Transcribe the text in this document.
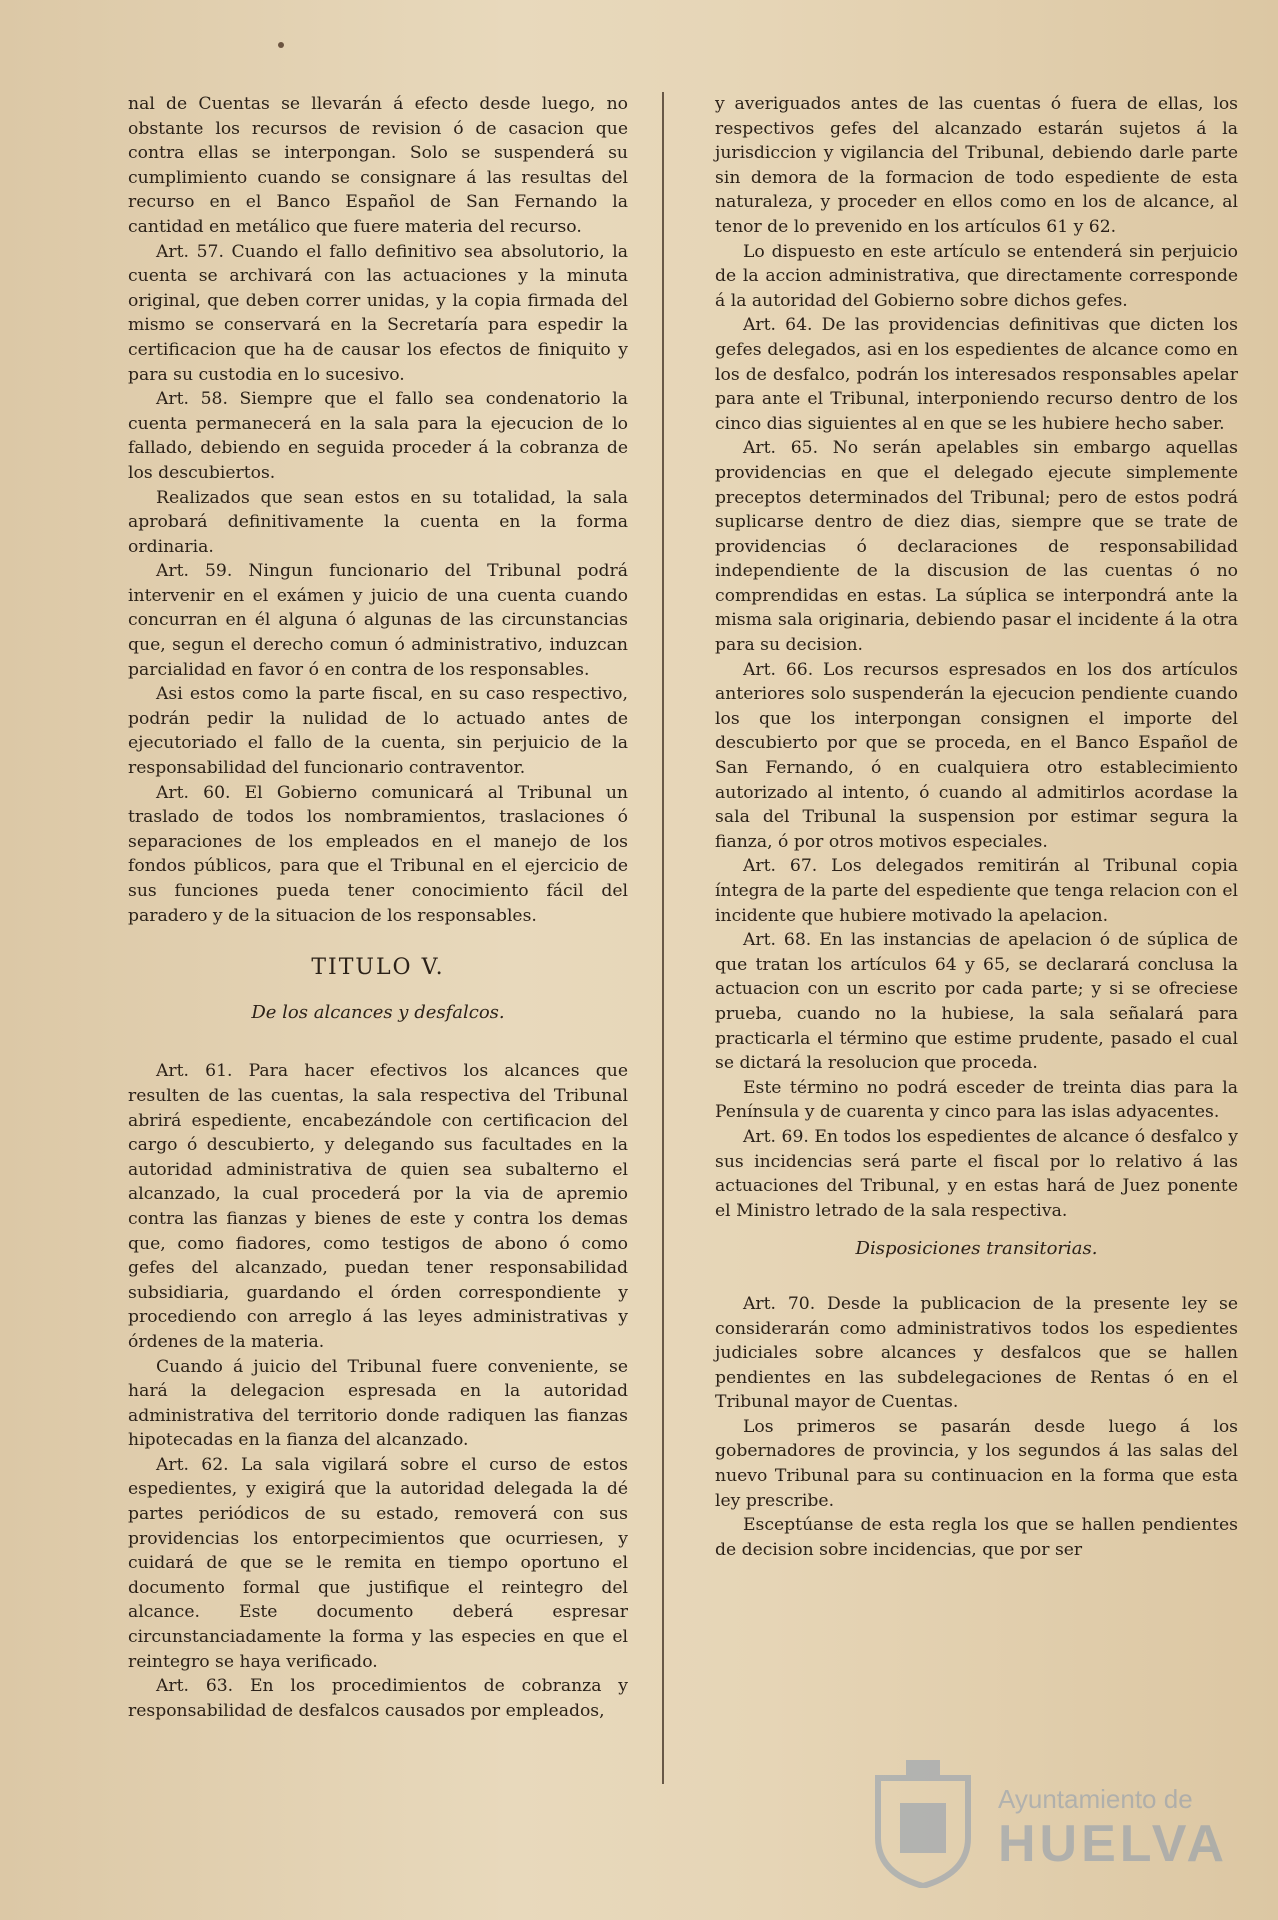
nal de Cuentas se llevarán á efecto desde luego, no obstante los recursos de revision ó de casacion que contra ellas se interpongan. Solo se suspenderá su cumplimiento cuando se consignare á las resultas del recurso en el Banco Español de San Fernando la cantidad en metálico que fuere materia del recurso.

Art. 57. Cuando el fallo definitivo sea absolutorio, la cuenta se archivará con las actuaciones y la minuta original, que deben correr unidas, y la copia firmada del mismo se conservará en la Secretaría para espedir la certificacion que ha de causar los efectos de finiquito y para su custodia en lo sucesivo.

Art. 58. Siempre que el fallo sea condenatorio la cuenta permanecerá en la sala para la ejecucion de lo fallado, debiendo en seguida proceder á la cobranza de los descubiertos.

Realizados que sean estos en su totalidad, la sala aprobará definitivamente la cuenta en la forma ordinaria.

Art. 59. Ningun funcionario del Tribunal podrá intervenir en el exámen y juicio de una cuenta cuando concurran en él alguna ó algunas de las circunstancias que, segun el derecho comun ó administrativo, induzcan parcialidad en favor ó en contra de los responsables.

Asi estos como la parte fiscal, en su caso respectivo, podrán pedir la nulidad de lo actuado antes de ejecutoriado el fallo de la cuenta, sin perjuicio de la responsabilidad del funcionario contraventor.

Art. 60. El Gobierno comunicará al Tribunal un traslado de todos los nombramientos, traslaciones ó separaciones de los empleados en el manejo de los fondos públicos, para que el Tribunal en el ejercicio de sus funciones pueda tener conocimiento fácil del paradero y de la situacion de los responsables.

TITULO V.
De los alcances y desfalcos.

Art. 61. Para hacer efectivos los alcances que resulten de las cuentas, la sala respectiva del Tribunal abrirá espediente, encabezándole con certificacion del cargo ó descubierto, y delegando sus facultades en la autoridad administrativa de quien sea subalterno el alcanzado, la cual procederá por la via de apremio contra las fianzas y bienes de este y contra los demas que, como fiadores, como testigos de abono ó como gefes del alcanzado, puedan tener responsabilidad subsidiaria, guardando el órden correspondiente y procediendo con arreglo á las leyes administrativas y órdenes de la materia.

Cuando á juicio del Tribunal fuere conveniente, se hará la delegacion espresada en la autoridad administrativa del territorio donde radiquen las fianzas hipotecadas en la fianza del alcanzado.

Art. 62. La sala vigilará sobre el curso de estos espedientes, y exigirá que la autoridad delegada la dé partes periódicos de su estado, removerá con sus providencias los entorpecimientos que ocurriesen, y cuidará de que se le remita en tiempo oportuno el documento formal que justifique el reintegro del alcance. Este documento deberá espresar circunstanciadamente la forma y las especies en que el reintegro se haya verificado.

Art. 63. En los procedimientos de cobranza y responsabilidad de desfalcos causados por empleados,

y averiguados antes de las cuentas ó fuera de ellas, los respectivos gefes del alcanzado estarán sujetos á la jurisdiccion y vigilancia del Tribunal, debiendo darle parte sin demora de la formacion de todo espediente de esta naturaleza, y proceder en ellos como en los de alcance, al tenor de lo prevenido en los artículos 61 y 62.

Lo dispuesto en este artículo se entenderá sin perjuicio de la accion administrativa, que directamente corresponde á la autoridad del Gobierno sobre dichos gefes.

Art. 64. De las providencias definitivas que dicten los gefes delegados, asi en los espedientes de alcance como en los de desfalco, podrán los interesados responsables apelar para ante el Tribunal, interponiendo recurso dentro de los cinco dias siguientes al en que se les hubiere hecho saber.

Art. 65. No serán apelables sin embargo aquellas providencias en que el delegado ejecute simplemente preceptos determinados del Tribunal; pero de estos podrá suplicarse dentro de diez dias, siempre que se trate de providencias ó declaraciones de responsabilidad independiente de la discusion de las cuentas ó no comprendidas en estas. La súplica se interpondrá ante la misma sala originaria, debiendo pasar el incidente á la otra para su decision.

Art. 66. Los recursos espresados en los dos artículos anteriores solo suspenderán la ejecucion pendiente cuando los que los interpongan consignen el importe del descubierto por que se proceda, en el Banco Español de San Fernando, ó en cualquiera otro establecimiento autorizado al intento, ó cuando al admitirlos acordase la sala del Tribunal la suspension por estimar segura la fianza, ó por otros motivos especiales.

Art. 67. Los delegados remitirán al Tribunal copia íntegra de la parte del espediente que tenga relacion con el incidente que hubiere motivado la apelacion.

Art. 68. En las instancias de apelacion ó de súplica de que tratan los artículos 64 y 65, se declarará conclusa la actuacion con un escrito por cada parte; y si se ofreciese prueba, cuando no la hubiese, la sala señalará para practicarla el término que estime prudente, pasado el cual se dictará la resolucion que proceda.

Este término no podrá esceder de treinta dias para la Península y de cuarenta y cinco para las islas adyacentes.

Art. 69. En todos los espedientes de alcance ó desfalco y sus incidencias será parte el fiscal por lo relativo á las actuaciones del Tribunal, y en estas hará de Juez ponente el Ministro letrado de la sala respectiva.

Disposiciones transitorias.

Art. 70. Desde la publicacion de la presente ley se considerarán como administrativos todos los espedientes judiciales sobre alcances y desfalcos que se hallen pendientes en las subdelegaciones de Rentas ó en el Tribunal mayor de Cuentas.

Los primeros se pasarán desde luego á los gobernadores de provincia, y los segundos á las salas del nuevo Tribunal para su continuacion en la forma que esta ley prescribe.

Esceptúanse de esta regla los que se hallen pendientes de decision sobre incidencias, que por ser

Ayuntamiento de
HUELVA
